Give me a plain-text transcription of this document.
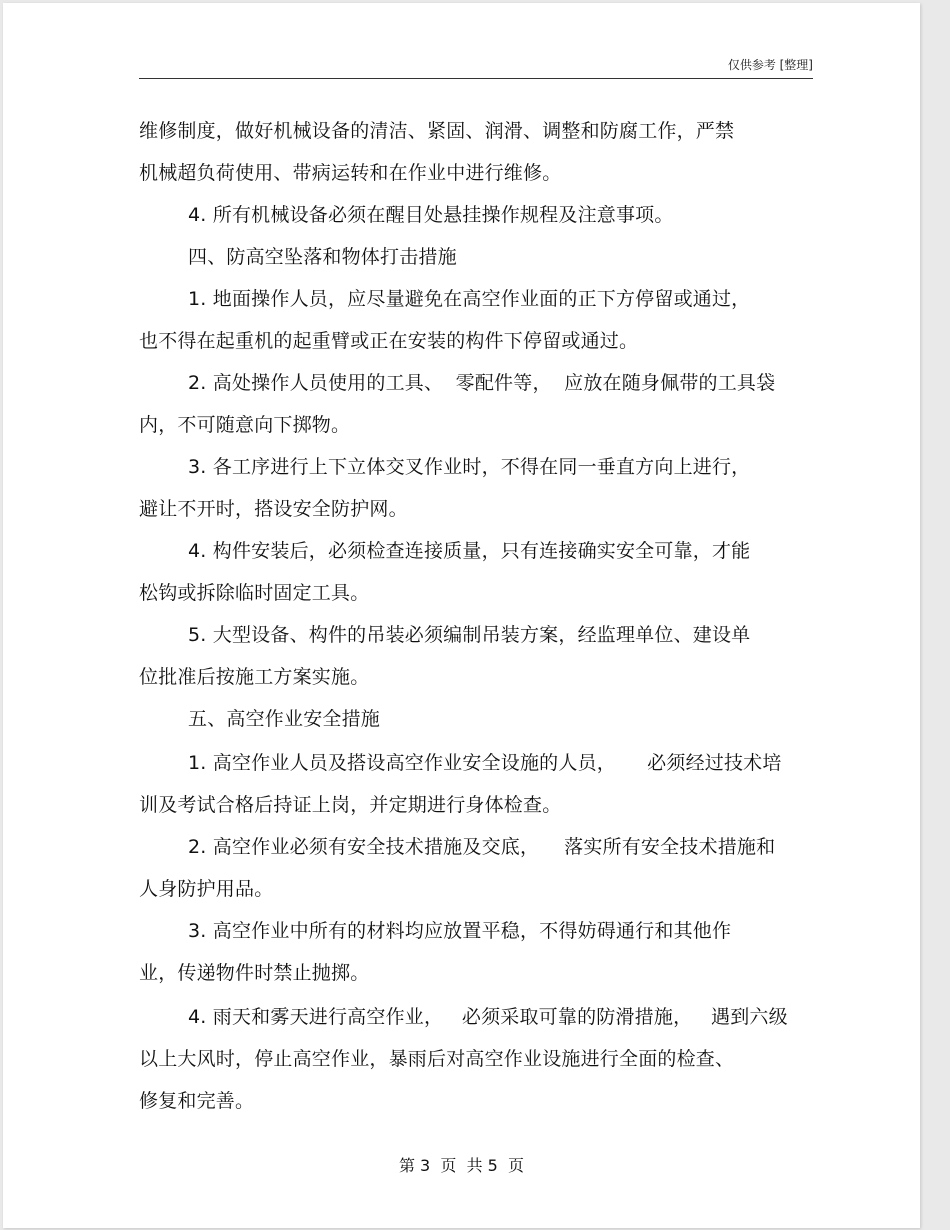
仅供参考 [整理]
维修制度，做好机械设备的清洁、紧固、润滑、调整和防腐工作，严禁
机械超负荷使用、带病运转和在作业中进行维修。
4. 所有机械设备必须在醒目处悬挂操作规程及注意事项。
四、防高空坠落和物体打击措施
1. 地面操作人员，应尽量避免在高空作业面的正下方停留或通过，
也不得在起重机的起重臂或正在安装的构件下停留或通过。
2. 高处操作人员使用的工具、  零配件等，  应放在随身佩带的工具袋
内，不可随意向下掷物。
3. 各工序进行上下立体交叉作业时，不得在同一垂直方向上进行，
避让不开时，搭设安全防护网。
4. 构件安装后，必须检查连接质量，只有连接确实安全可靠，才能
松钩或拆除临时固定工具。
5. 大型设备、构件的吊装必须编制吊装方案，经监理单位、建设单
位批准后按施工方案实施。
五、高空作业安全措施
1. 高空作业人员及搭设高空作业安全设施的人员，     必须经过技术培
训及考试合格后持证上岗，并定期进行身体检查。
2. 高空作业必须有安全技术措施及交底，    落实所有安全技术措施和
人身防护用品。
3. 高空作业中所有的材料均应放置平稳，不得妨碍通行和其他作
业，传递物件时禁止抛掷。
4. 雨天和雾天进行高空作业，   必须采取可靠的防滑措施，   遇到六级
以上大风时，停止高空作业，暴雨后对高空作业设施进行全面的检查、
修复和完善。
第 3  页  共 5  页
